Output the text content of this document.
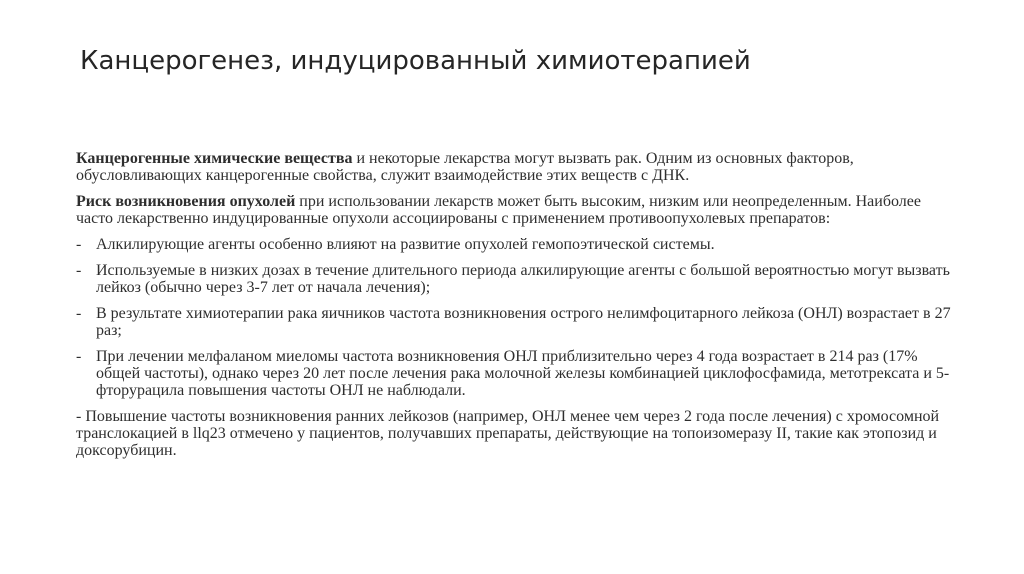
Канцерогенез, индуцированный химиотерапией

Канцерогенные химические вещества и некоторые лекарства могут вызвать рак. Одним из основных факторов, обусловливающих канцерогенные свойства, служит взаимодействие этих веществ с ДНК.

Риск возникновения опухолей при использовании лекарств может быть высоким, низким или неопределенным. Наиболее часто лекарственно индуцированные опухоли ассоциированы с применением противоопухолевых препаратов:

- Алкилирующие агенты особенно влияют на развитие опухолей гемопоэтической системы.
- Используемые в низких дозах в течение длительного периода алкилирующие агенты с большой вероятностью могут вызвать лейкоз (обычно через 3-7 лет от начала лечения);
- В результате химиотерапии рака яичников частота возникновения острого нелимфоцитарного лейкоза (ОНЛ) возрастает в 27 раз;
- При лечении мелфаланом миеломы частота возникновения ОНЛ приблизительно через 4 года возрастает в 214 раз (17% общей частоты), однако через 20 лет после лечения рака молочной железы комбинацией циклофосфамида, метотрексата и 5-фторурацила повышения частоты ОНЛ не наблюдали.
- Повышение частоты возникновения ранних лейкозов (например, ОНЛ менее чем через 2 года после лечения) с хромосомной транслокацией в llq23 отмечено у пациентов, получавших препараты, действующие на топоизомеразу II, такие как этопозид и доксорубицин.
